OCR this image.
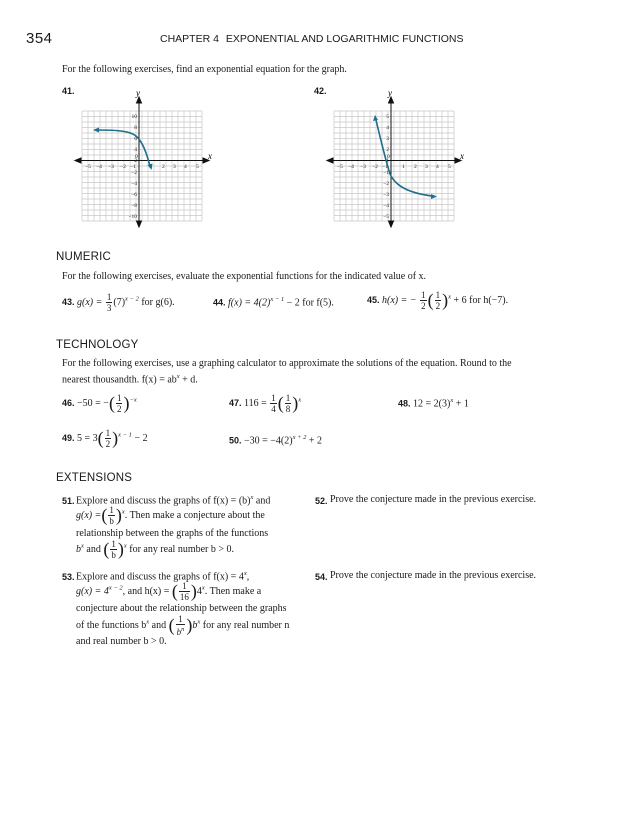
354	CHAPTER 4 EXPONENTIAL AND LOGARITHMIC FUNCTIONS
For the following exercises, find an exponential equation for the graph.
41.
x
y
−5 −4 −3 −2 −1
0
2 3 4 5
10
8
6
4
2
−2
−4
−6
−8
−10
42.
x
y
−5 −4 −3 −2 −1
0
1 2 3 4 5
5
4
3
2
1
−1
−2
−3
−4
−5
NUMERIC
For the following exercises, evaluate the exponential functions for the indicated value of x.
43. $g(x) = \frac{1}{3} (7)^{x - 2}$ for g(6).	44. $f(x) = 4(2)^{x - 1} - 2$ for f(5).	45. h(x) = − $\frac{1}{2}$ ( $\frac{1}{2} )^x + 6$ for h(−7).
TECHNOLOGY
For the following exercises, use a graphing calculator to approximate the solutions of the equation. Round to the
nearest thousandth. $f(x) = ab^x + d$.
46. −50 = −( $\frac{1}{2} )^{-x}$	47. $116 = \frac{1}{4}$ ( $\frac{1}{8} )^x$	48. $12 = 2(3)^x + 1$
49. $5 = 3( \frac{1}{2} )^{x - 1} - 2$	50. $-30 = -4(2)^{x + 2} + 2$
EXTENSIONS
51. Explore and discuss the graphs of $f(x) = (b)^x$ and
g(x) =( $\frac{1}{b} )^x$. Then make a conjecture about the
relationship between the graphs of the functions
$b^x$ and ( $\frac{1}{b} )^x$ for any real number b > 0.
52. Prove the conjecture made in the previous exercise.
53. Explore and discuss the graphs of $f(x) = 4^x$,
$g(x) = 4^{x - 2}$, and h(x) = ( $\frac{1}{16} )4^x$. Then make a
conjecture about the relationship between the graphs
of the functions $b^x$ and ( $\frac{1}{b^n} )b^x$ for any real number n
and real number b > 0.
54. Prove the conjecture made in the previous exercise.
